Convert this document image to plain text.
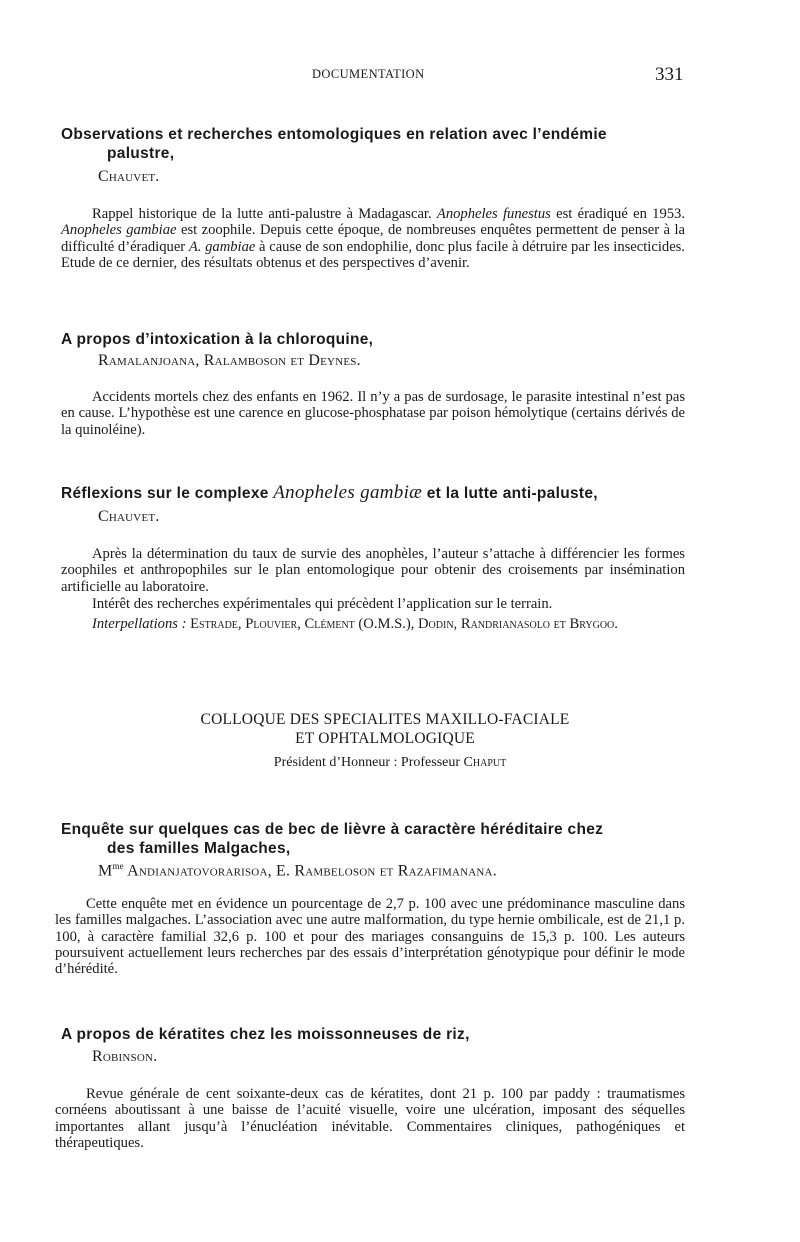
DOCUMENTATION	331
Observations et recherches entomologiques en relation avec l’endémie
palustre,
Chauvet.

Rappel historique de la lutte anti-palustre à Madagascar. Anopheles funestus est éradiqué en 1953. Anopheles gambiae est zoophile. Depuis cette époque, de nombreuses enquêtes permettent de penser à la difficulté d’éradiquer A. gambiae à cause de son endophilie, donc plus facile à détruire par les insecticides. Etude de ce dernier, des résultats obtenus et des perspectives d’avenir.

A propos d’intoxication à la chloroquine,
Ramalanjoana, Ralamboson et Deynes.

Accidents mortels chez des enfants en 1962. Il n’y a pas de surdosage, le parasite intestinal n’est pas en cause. L’hypothèse est une carence en glucose-phosphatase par poison hémolytique (certains dérivés de la quinoléine).

Réflexions sur le complexe Anopheles gambiæ et la lutte anti-paluste,
Chauvet.

Après la détermination du taux de survie des anophèles, l’auteur s’attache à différencier les formes zoophiles et anthropophiles sur le plan entomologique pour obtenir des croisements par insémination artificielle au laboratoire.

Intérêt des recherches expérimentales qui précèdent l’application sur le terrain.

Interpellations : Estrade, Plouvier, Clément (O.M.S.), Dodin, Randrianasolo et Brygoo.

COLLOQUE DES SPECIALITES MAXILLO-FACIALE
ET OPHTALMOLOGIQUE
Président d’Honneur : Professeur Chaput
Enquête sur quelques cas de bec de lièvre à caractère héréditaire chez
des familles Malgaches,
$M^{me}$ Andianjatovorarisoa, E. Rambeloson et Razafimanana.

Cette enquête met en évidence un pourcentage de 2,7 p. 100 avec une prédominance masculine dans les familles malgaches. L’association avec une autre malformation, du type hernie ombilicale, est de 21,1 p. 100, à caractère familial 32,6 p. 100 et pour des mariages consanguins de 15,3 p. 100. Les auteurs poursuivent actuellement leurs recherches par des essais d’interprétation génotypique pour définir le mode d’hérédité.

A propos de kératites chez les moissonneuses de riz,
Robinson.

Revue générale de cent soixante-deux cas de kératites, dont 21 p. 100 par paddy : traumatismes cornéens aboutissant à une baisse de l’acuité visuelle, voire une ulcération, imposant des séquelles importantes allant jusqu’à l’énucléation inévitable. Commentaires cliniques, pathogéniques et thérapeutiques.
